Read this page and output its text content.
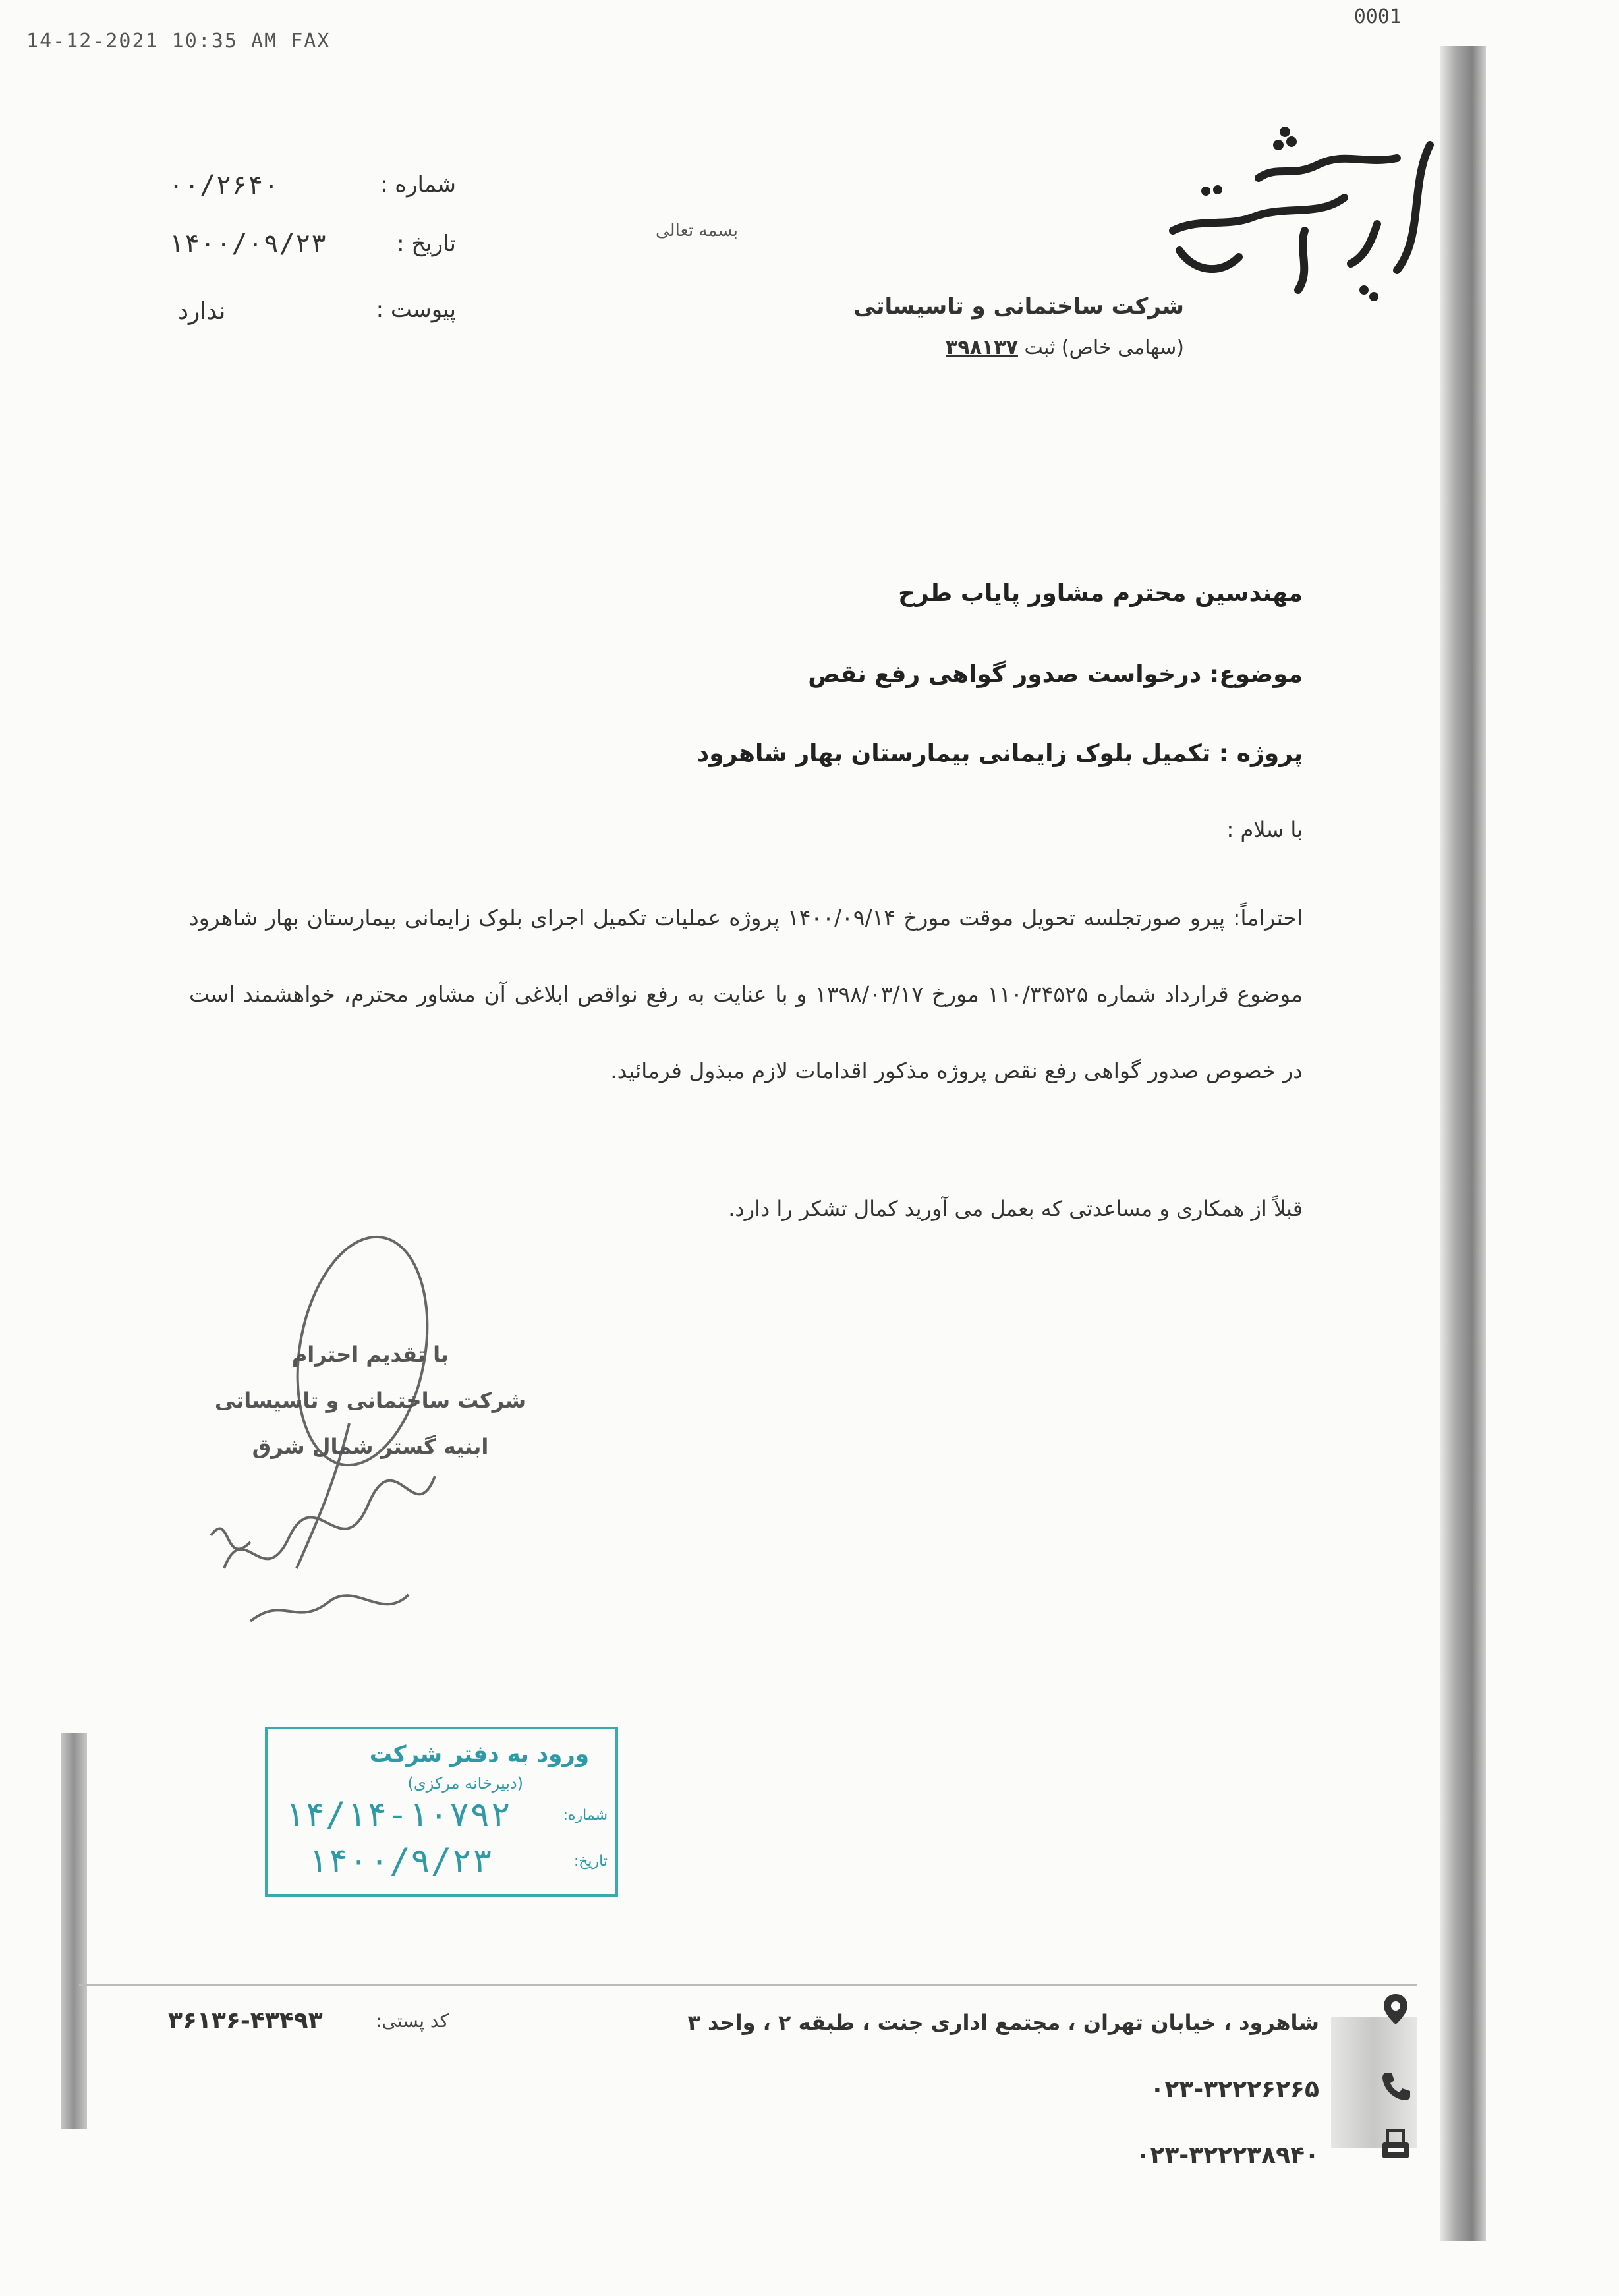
14-12-2021 10:35 AM FAX
0001
شرکت ساختمانی و تاسیساتی
(سهامی خاص) ثبت ۳۹۸۱۳۷
بسمه تعالی
شماره :
۰۰/۲۶۴۰
تاریخ :
۱۴۰۰/۰۹/۲۳
پیوست :
ندارد
مهندسین محترم مشاور پایاب طرح
موضوع: درخواست صدور گواهی رفع نقص
پروژه : تکمیل بلوک زایمانی بیمارستان بهار شاهرود
با سلام :
احتراماً: پیرو صورتجلسه تحویل موقت مورخ ۱۴۰۰/۰۹/۱۴ پروژه عملیات تکمیل اجرای بلوک زایمانی بیمارستان بهار شاهرود موضوع قرارداد شماره ۱۱۰/۳۴۵۲۵ مورخ ۱۳۹۸/۰۳/۱۷ و با عنایت به رفع نواقص ابلاغی آن مشاور محترم، خواهشمند است در خصوص صدور گواهی رفع نقص پروژه مذکور اقدامات لازم مبذول فرمائید.
قبلاً از همکاری و مساعدتی که بعمل می آورید کمال تشکر را دارد.
با تقدیم احترام
شرکت ساختمانی و تاسیساتی
ابنیه گستر شمال شرق
ورود به دفتر شرکت
(دبیرخانه مرکزی)
شماره:
۱۴/۱۴-۱۰۷۹۲
تاریخ:
۱۴۰۰/۹/۲۳
شاهرود ، خیابان تهران ، مجتمع اداری جنت ، طبقه ۲ ، واحد ۳
۰۲۳-۳۲۲۲۶۲۶۵
۰۲۳-۳۲۲۲۳۸۹۴۰
کد پستی:
۳۶۱۳۶-۴۳۴۹۳
